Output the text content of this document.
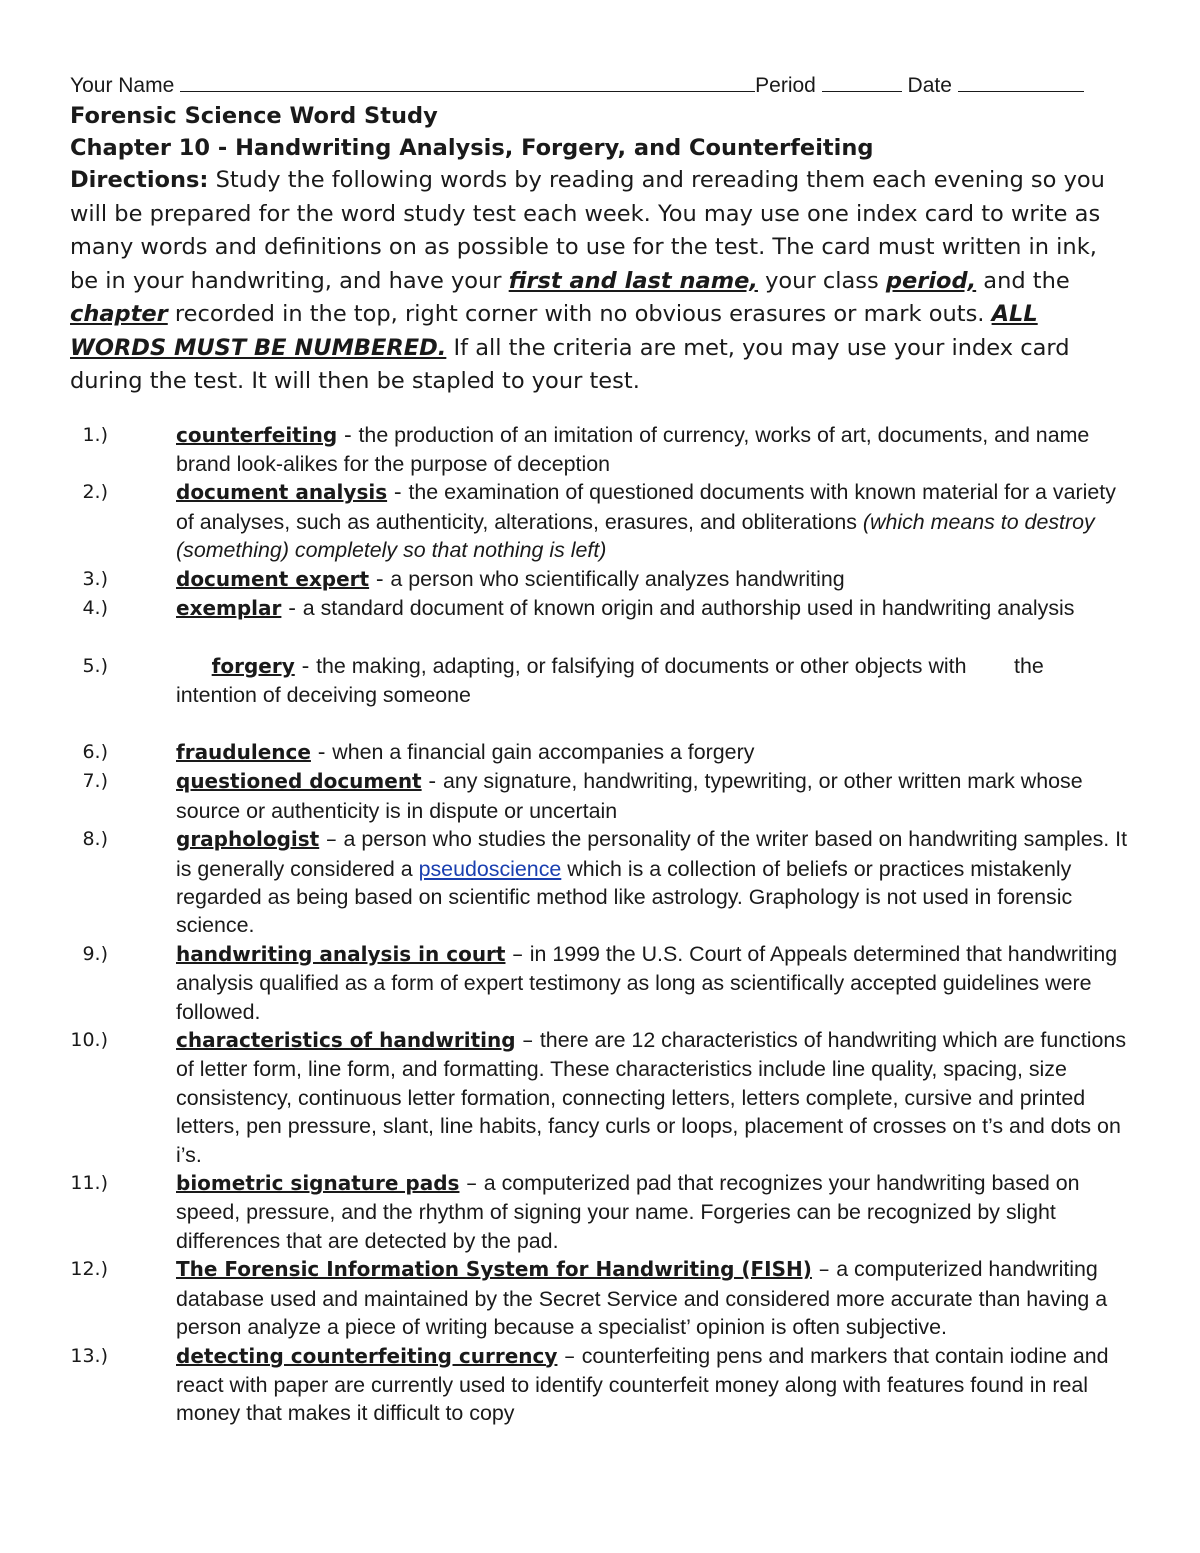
Your Name	Period	Date
Forensic Science Word Study
Chapter 10 - Handwriting Analysis, Forgery, and Counterfeiting
Directions: Study the following words by reading and rereading them each evening so you will be prepared for the word study test each week. You may use one index card to write as many words and definitions on as possible to use for the test. The card must written in ink, be in your handwriting, and have your first and last name, your class period, and the chapter recorded in the top, right corner with no obvious erasures or mark outs. ALL WORDS MUST BE NUMBERED. If all the criteria are met, you may use your index card during the test. It will then be stapled to your test.
1.)	counterfeiting - the production of an imitation of currency, works of art, documents, and name brand look-alikes for the purpose of deception
2.)	document analysis - the examination of questioned documents with known material for a variety of analyses, such as authenticity, alterations, erasures, and obliterations (which means to destroy (something) completely so that nothing is left)
3.)	document expert - a person who scientifically analyzes handwriting
4.)	exemplar - a standard document of known origin and authorship used in handwriting analysis

5.)	forgery - the making, adapting, or falsifying of documents or other objects with        the intention of deceiving someone

6.)	fraudulence - when a financial gain accompanies a forgery
7.)	questioned document - any signature, handwriting, typewriting, or other written mark whose source or authenticity is in dispute or uncertain
8.)	graphologist – a person who studies the personality of the writer based on handwriting samples. It is generally considered a pseudoscience which is a collection of beliefs or practices mistakenly regarded as being based on scientific method like astrology. Graphology is not used in forensic science.
9.)	handwriting analysis in court – in 1999 the U.S. Court of Appeals determined that handwriting analysis qualified as a form of expert testimony as long as scientifically accepted guidelines were followed.
10.)	characteristics of handwriting – there are 12 characteristics of handwriting which are functions of letter form, line form, and formatting. These characteristics include line quality, spacing, size consistency, continuous letter formation, connecting letters, letters complete, cursive and printed letters, pen pressure, slant, line habits, fancy curls or loops, placement of crosses on t’s and dots on i’s.
11.)	biometric signature pads – a computerized pad that recognizes your handwriting based on speed, pressure, and the rhythm of signing your name. Forgeries can be recognized by slight differences that are detected by the pad.
12.)	The Forensic Information System for Handwriting (FISH) – a computerized handwriting database used and maintained by the Secret Service and considered more accurate than having a person analyze a piece of writing because a specialist’ opinion is often subjective.
13.)	detecting counterfeiting currency – counterfeiting pens and markers that contain iodine and react with paper are currently used to identify counterfeit money along with features found in real money that makes it difficult to copy
